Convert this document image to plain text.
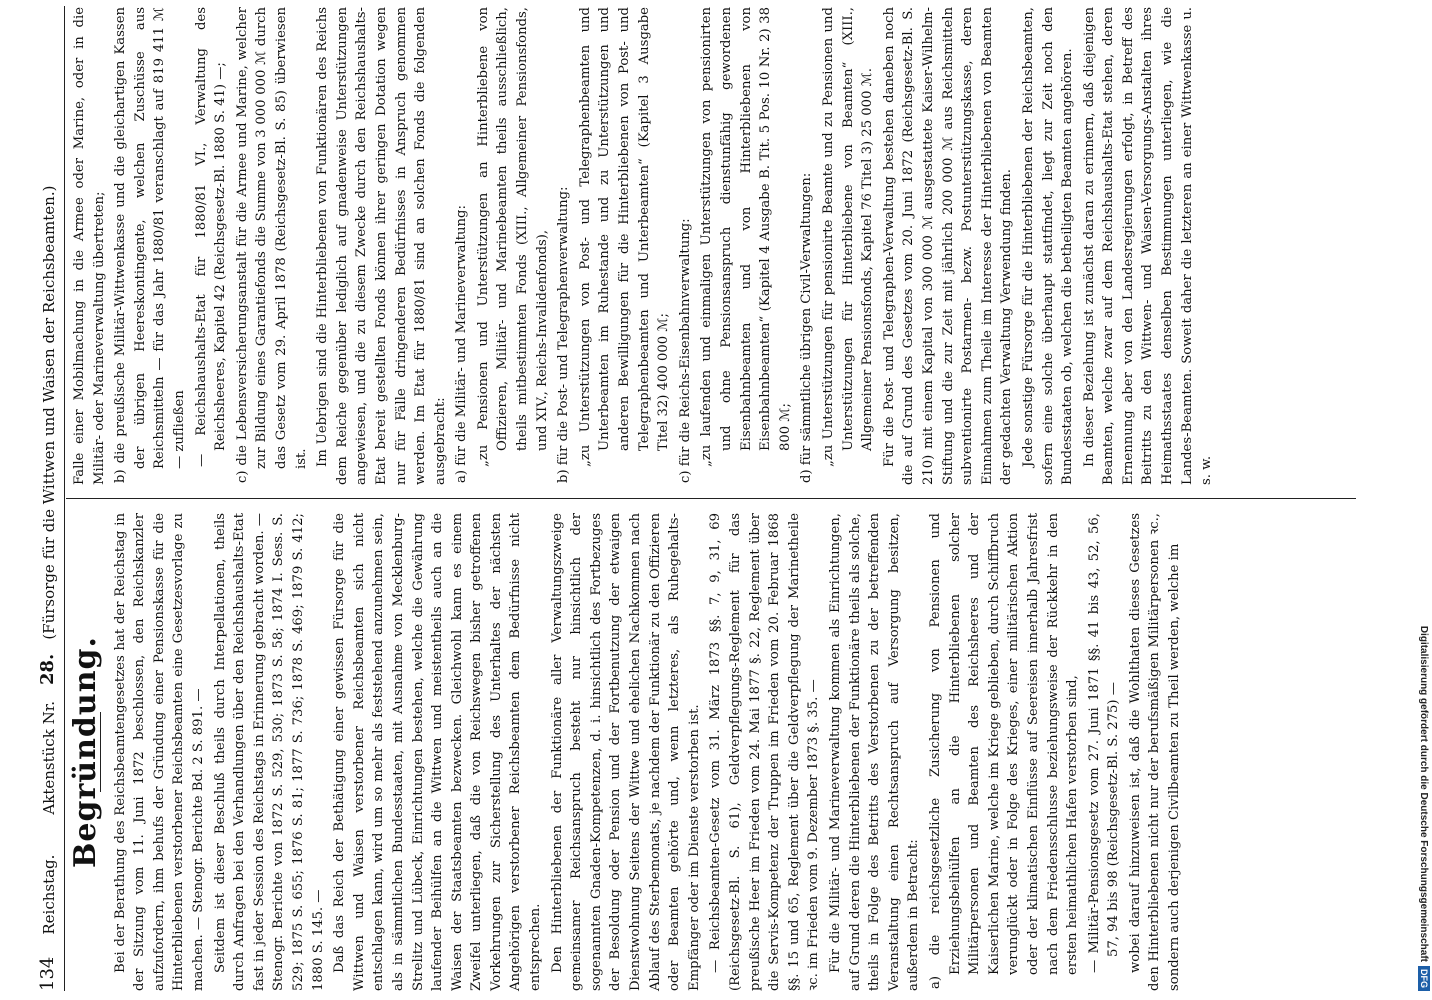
134
Reichstag.
Aktenstück Nr.
28.
(Fürsorge für die Wittwen und Waisen der Reichsbeamten.)
Begründung. Bei der Berathung des Reichsbeamtengesetzes hat der Reichstag in der Sitzung vom 11. Juni 1872 beschlossen, den Reichskanzler aufzufordern, ihm behufs der Gründung einer Pensionskasse für die Hinterbliebenen verstorbener Reichsbeamten eine Gesetzesvorlage zu machen. — Stenogr. Berichte Bd. 2 S. 891. — Seitdem ist dieser Beschluß theils durch Interpellationen, theils durch Anfragen bei den Verhandlungen über den Reichshaushalts-Etat fast in jeder Session des Reichstags in Erinnerung gebracht worden. — Stenogr. Berichte von 1872 S. 529, 530; 1873 S. 58; 1874 I. Sess. S. 529; 1875 S. 655; 1876 S. 81; 1877 S. 736; 1878 S. 469; 1879 S. 412; 1880 S. 145. — Daß das Reich der Bethätigung einer gewissen Fürsorge für die Wittwen und Waisen verstorbener Reichsbeamten sich nicht entschlagen kann, wird um so mehr als feststehend anzunehmen sein, als in sämmtlichen Bundesstaaten, mit Ausnahme von Mecklenburg-Strelitz und Lübeck, Einrichtungen bestehen, welche die Gewährung laufender Beihülfen an die Wittwen und meistentheils auch an die Waisen der Staatsbeamten bezwecken. Gleichwohl kann es einem Zweifel unterliegen, daß die von Reichswegen bisher getroffenen Vorkehrungen zur Sicherstellung des Unterhaltes der nächsten Angehörigen verstorbener Reichsbeamten dem Bedürfnisse nicht entsprechen. Den Hinterbliebenen der Funktionäre aller Verwaltungszweige gemeinsamer Reichsanspruch besteht nur hinsichtlich der sogenannten Gnaden-Kompetenzen, d. i. hinsichtlich des Fortbezuges der Besoldung oder Pension und der Fortbenutzung der etwaigen Dienstwohnung Seitens der Wittwe und ehelichen Nachkommen nach Ablauf des Sterbemonats, je nachdem der Funktionär zu den Offizieren oder Beamten gehörte und, wenn letzteres, als Ruhegehalts-Empfänger oder im Dienste verstorben ist. — Reichsbeamten-Gesetz vom 31. März 1873 §§. 7, 9, 31, 69 (Reichsgesetz-Bl. S. 61), Geldverpflegungs-Reglement für das preußische Heer im Frieden vom 24. Mai 1877 §. 22, Reglement über die Servis-Kompetenz der Truppen im Frieden vom 20. Februar 1868 §§. 15 und 65, Reglement über die Geldverpflegung der Marinetheile ꝛc. im Frieden vom 9. Dezember 1873 §. 35. — Für die Militär- und Marineverwaltung kommen als Einrichtungen, auf Grund deren die Hinterbliebenen der Funktionäre theils als solche, theils in Folge des Betritts des Verstorbenen zu der betreffenden Veranstaltung einen Rechtsanspruch auf Versorgung besitzen, außerdem in Betracht: a) die reichsgesetzliche Zusicherung von Pensionen und Erziehungsbeihülfen an die Hinterbliebenen solcher Militärpersonen und Beamten des Reichsheeres und der Kaiserlichen Marine, welche im Kriege geblieben, durch Schiffbruch verunglückt oder in Folge des Krieges, einer militärischen Aktion oder der klimatischen Einflüsse auf Seereisen innerhalb Jahresfrist nach dem Friedensschlusse beziehungsweise der Rückkehr in den ersten heimathlichen Hafen verstorben sind, — Militär-Pensionsgesetz vom 27. Juni 1871 §§. 41 bis 43, 52, 56, 57, 94 bis 98 (Reichsgesetz-Bl. S. 275) — wobei darauf hinzuweisen ist, daß die Wohlthaten dieses Gesetzes den Hinterbliebenen nicht nur der berufsmäßigen Militärpersonen ꝛc., sondern auch derjenigen Civilbeamten zu Theil werden, welche im

Falle einer Mobilmachung in die Armee oder Marine, oder in die Militär- oder Marineverwaltung übertreten; b) die preußische Militär-Wittwenkasse und die gleichartigen Kassen der übrigen Heereskontingente, welchen Zuschüsse aus Reichsmitteln — für das Jahr 1880/81 veranschlagt auf 819 411 ℳ — zufließen — Reichshaushalts-Etat für 1880/81 VI., Verwaltung des Reichsheeres, Kapitel 42 (Reichsgesetz-Bl. 1880 S. 41) —; c) die Lebensversicherungsanstalt für die Armee und Marine, welcher zur Bildung eines Garantiefonds die Summe von 3 000 000 ℳ durch das Gesetz vom 29. April 1878 (Reichsgesetz-Bl. S. 85) überwiesen ist. Im Uebrigen sind die Hinterbliebenen von Funktionären des Reichs dem Reiche gegenüber lediglich auf gnadenweise Unterstützungen angewiesen, und die zu diesem Zwecke durch den Reichshaushalts-Etat bereit gestellten Fonds können ihrer geringen Dotation wegen nur für Fälle dringenderen Bedürfnisses in Anspruch genommen werden. Im Etat für 1880/81 sind an solchen Fonds die folgenden ausgebracht: a) für die Militär- und Marineverwaltung: „zu Pensionen und Unterstützungen an Hinterbliebene von Offizieren, Militär- und Marinebeamten theils ausschließlich, theils mitbestimmten Fonds (XIII., Allgemeiner Pensionsfonds, und XIV., Reichs-Invalidenfonds), b) für die Post- und Telegraphenverwaltung: „zu Unterstützungen von Post- und Telegraphenbeamten und Unterbeamten im Ruhestande und zu Unterstützungen und anderen Bewilligungen für die Hinterbliebenen von Post- und Telegraphenbeamten und Unterbeamten“ (Kapitel 3 Ausgabe Titel 32) 400 000 ℳ; c) für die Reichs-Eisenbahnverwaltung: „zu laufenden und einmaligen Unterstützungen von pensionirten und ohne Pensionsanspruch dienstunfähig gewordenen Eisenbahnbeamten und von Hinterbliebenen von Eisenbahnbeamten“ (Kapitel 4 Ausgabe B. Tit. 5 Pos. 10 Nr. 2) 38 800 ℳ; d) für sämmtliche übrigen Civil-Verwaltungen: „zu Unterstützungen für pensionirte Beamte und zu Pensionen und Unterstützungen für Hinterbliebene von Beamten“ (XIII., Allgemeiner Pensionsfonds, Kapitel 76 Titel 3) 25 000 ℳ. Für die Post- und Telegraphen-Verwaltung bestehen daneben noch die auf Grund des Gesetzes vom 20. Juni 1872 (Reichsgesetz-Bl. S. 210) mit einem Kapital von 300 000 ℳ ausgestattete Kaiser-Wilhelm-Stiftung und die zur Zeit mit jährlich 200 000 ℳ aus Reichsmitteln subventionirte Postarmen- bezw. Postunterstützungskasse, deren Einnahmen zum Theile im Interesse der Hinterbliebenen von Beamten der gedachten Verwaltung Verwendung finden. Jede sonstige Fürsorge für die Hinterbliebenen der Reichsbeamten, sofern eine solche überhaupt stattfindet, liegt zur Zeit noch den Bundesstaaten ob, welchen die betheiligten Beamten angehören. In dieser Beziehung ist zunächst daran zu erinnern, daß diejenigen Beamten, welche zwar auf dem Reichshaushalts-Etat stehen, deren Ernennung aber von den Landesregierungen erfolgt, in Betreff des Beitritts zu den Wittwen- und Waisen-Versorgungs-Anstalten ihres Heimathsstaates denselben Bestimmungen unterliegen, wie die Landes-Beamten. Soweit daher die letzteren an einer Wittwenkasse u. s. w.

Digitalisierung gefördert durch die Deutsche ForschungsgemeinschaftDFG
